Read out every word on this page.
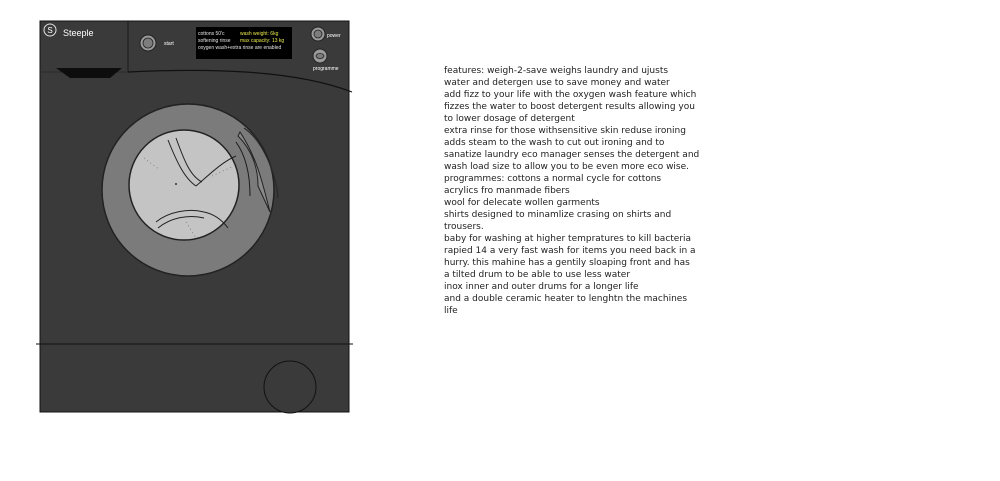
S Steeple
start
cottons 50'c
softening rinse
oxygen wash+extra rinse are enabled
wash weight: 6kg
max capacity: 13 kg
power
programme	features: weigh-2-save weighs laundry and ujusts
water and detergen use to save money and water
add fizz to your life with the oxygen wash feature which
fizzes the water to boost detergent results allowing you
to lower dosage of detergent
extra rinse for those withsensitive skin reduse ironing
adds steam to the wash to cut out ironing and to
sanatize laundry eco manager senses the detergent and
wash load size to allow you to be even more eco wise.
programmes: cottons a normal cycle for cottons
acrylics fro manmade fibers
wool for delecate wollen garments
shirts designed to minamlize crasing on shirts and
trousers.
baby for washing at higher tempratures to kill bacteria
rapied 14 a very fast wash for items you need back in a
hurry. this mahine has a gentily sloaping front and has
a tilted drum to be able to use less water
inox inner and outer drums for a longer life
and a double ceramic heater to lenghtn the machines
life
